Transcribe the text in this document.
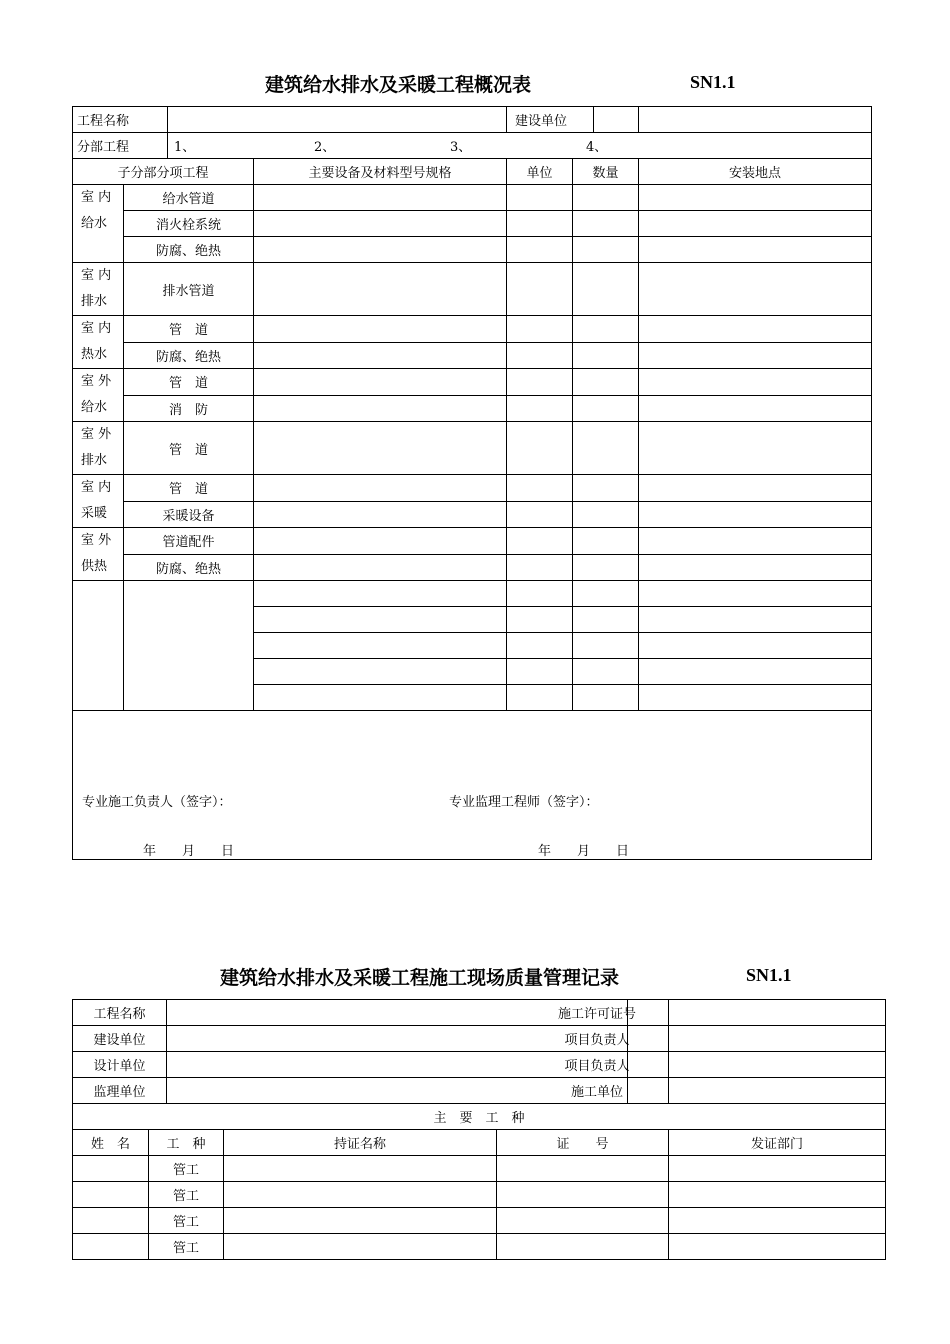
建筑给水排水及采暖工程概况表	SN1.1
工程名称				建设单位		

分部工程		1、 2、 3、 4、				

子分部分项工程			主要设备及材料型号规格	单位	数量	安装地点

室 内
给水	给水管道					
	消火栓系统					
	防腐、绝热					

室 内
排水	排水管道					

室 内
热水	管　道					
	防腐、绝热					

室 外
给水	管　道					
	消　防					

室 外
排水	管　道					

室 内
采暖	管　道					
	采暖设备					

室 外
供热	管道配件					
	防腐、绝热					

专业施工负责人（签字）： 专业监理工程师（签字）：
年　　月　　日 年　　月　　日						
建筑给水排水及采暖工程施工现场质量管理记录	SN1.1
工程名称					施工许可证号	

建设单位					项目负责人	

设计单位					项目负责人	

监理单位					施工单位	

主　要　工　种						
姓　名	工　种		持证名称	证　　号		发证部门
	管工					
	管工					
	管工					
	管工					
